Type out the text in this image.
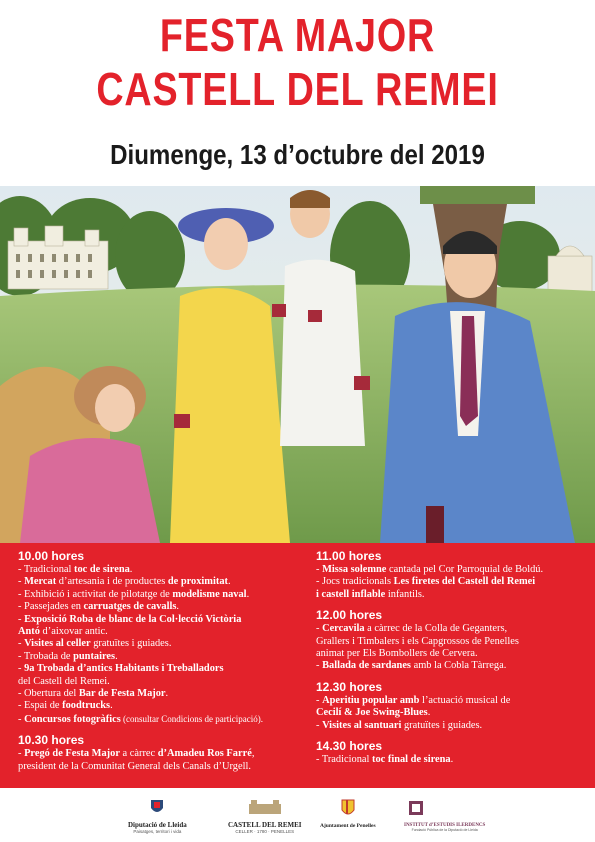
FESTA MAJOR
CASTELL DEL REMEI
Diumenge, 13 d’octubre del 2019
10.00 hores
- Tradicional toc de sirena.
- Mercat d’artesania i de productes de proximitat.
- Exhibició i activitat de pilotatge de modelisme naval.
- Passejades en carruatges de cavalls.
- Exposició Roba de blanc de la Col·lecció Victòria
Antó d’aixovar antic.
- Visites al celler gratuïtes i guiades.
- Trobada de puntaires.
- 9a Trobada d’antics Habitants i Treballadors
del Castell del Remei.
- Obertura del Bar de Festa Major.
- Espai de foodtrucks.
- Concursos fotogràfics (consultar Condicions de participació).
10.30 hores
- Pregó de Festa Major a càrrec d’Amadeu Ros Farré,
president de la Comunitat General dels Canals d’Urgell.
11.00 hores
- Missa solemne cantada pel Cor Parroquial de Boldú.
- Jocs tradicionals Les firetes del Castell del Remei
i castell inflable infantils.
12.00 hores
- Cercavila a càrrec de la Colla de Geganters,
Grallers i Timbalers i els Capgrossos de Penelles
animat per Els Bombollers de Cervera.
- Ballada de sardanes amb la Cobla Tàrrega.
12.30 hores
- Aperitiu popular amb l’actuació musical de
Cecilí & Joe Swing-Blues.
- Visites al santuari gratuïtes i guiades.
14.30 hores
- Tradicional toc final de sirena.
Diputació de Lleida
Paisatges, territori i vida
CASTELL DEL REMEI
CELLER · 1780 · PENELLES
Ajuntament de Penelles	INSTITUT d’ESTUDIS ILERDENCS
Fundació Pública de la Diputació de Lleida
